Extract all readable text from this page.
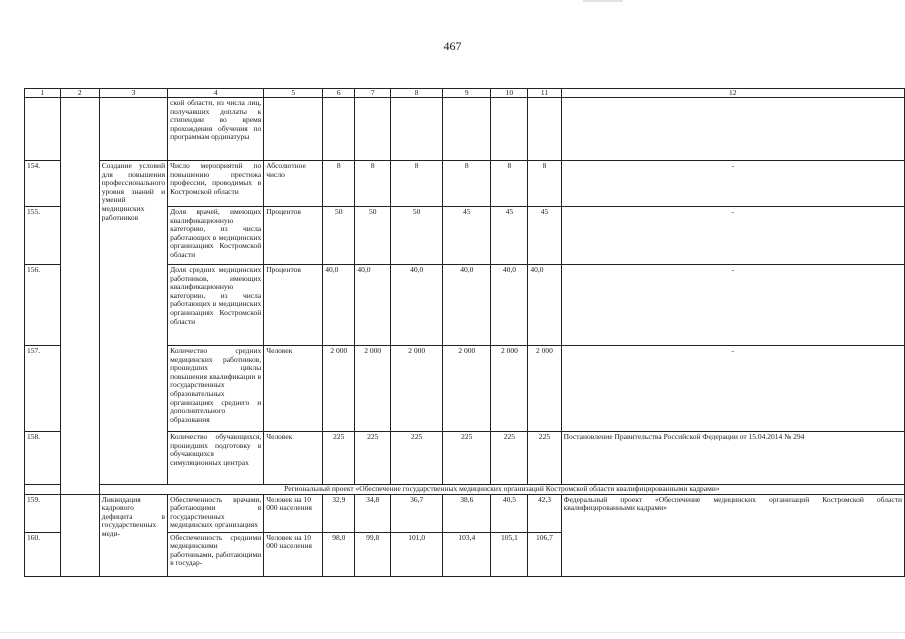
467
1	2	3	4	5	6	7	8	9	10	11	12
			ской области, из числа лиц, получавших доплаты к стипендии во время прохождения обучения по программам ординатуры								
154.		Создание условий для повышения профессионального уровня знаний и умений медицинских работников	Число мероприятий по повышению престижа профессии, проводимых в Костромской области	Абсолютное число	8	8	8	8	8	8	-
155.			Доля врачей, имеющих квалификационную категорию, из числа работающих в медицинских организациях Костромской области	Процентов	50	50	50	45	45	45	-
156.			Доля средних медицинских работников, имеющих квалификационную категорию, из числа работающих в медицинских организациях Костромской области	Процентов	40,0	40,0	40,0	40,0	40,0	40,0	-
157.			Количество средних медицинских работников, прошедших циклы повышения квалификации в государственных образовательных организациях среднего и дополнительного образования	Человек	2 000	2 000	2 000	2 000	2 000	2 000	-
158.			Количество обучающихся, прошедших подготовку в обучающихся симуляционных центрах	Человек	225	225	225	225	225	225	Постановление Правительства Российской Федерации от 15.04.2014 № 294
		Региональный проект «Обеспечение государственных медицинских организаций Костромской области квалифицированными кадрами»									
159.		Ликвидация кадрового дефицита в государственных меди-	Обеспеченность врачами, работающими в государственных медицинских организациях	Человек на 10 000 населения	32,9	34,8	36,7	38,6	40,5	42,3	Федеральный проект «Обеспечение медицинских организаций Костромской области квалифицированными кадрами»
160.			Обеспеченность средними медицинскими работниками, работающими в государ-	Человек на 10 000 населения	98,0	99,8	101,0	103,4	105,1	106,7	
